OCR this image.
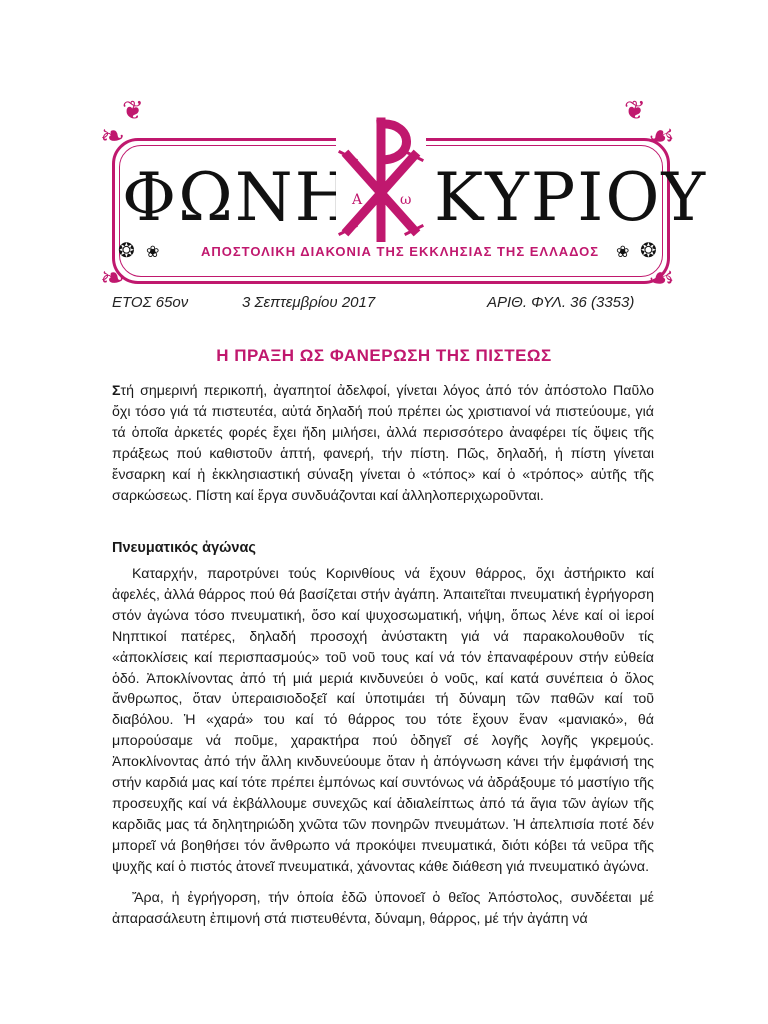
❧	☙
❦	❦
❧	☙
ΦΩΝΗ ΚΥΡΙΟΥ
Α	ω
❂ ❀	ΑΠΟΣΤΟΛΙΚΗ ΔΙΑΚΟΝΙΑ ΤΗΣ ΕΚΚΛΗΣΙΑΣ ΤΗΣ ΕΛΛΑΔΟΣ	❀ ❂
ΕΤΟΣ 65ον	3 Σεπτεμβρίου 2017	ΑΡΙΘ. ΦΥΛ. 36 (3353)
Η ΠΡΑΞΗ ΩΣ ΦΑΝΕΡΩΣΗ ΤΗΣ ΠΙΣΤΕΩΣ
Στή σημερινή περικοπή, ἀγαπητοί ἀδελφοί, γίνεται λόγος ἀπό τόν ἀπόστολο Παῦλο ὄχι τόσο γιά τά πιστευτέα, αὐτά δηλαδή πού πρέπει ὡς χριστιανοί νά πιστεύουμε, γιά τά ὁποῖα ἀρκετές φορές ἔχει ἤδη μιλήσει, ἀλλά περισσότερο ἀναφέρει τίς ὄψεις τῆς πράξεως πού καθιστοῦν ἁπτή, φανερή, τήν πίστη. Πῶς, δηλαδή, ἡ πίστη γίνεται ἔνσαρκη καί ἡ ἐκκλησιαστική σύναξη γίνεται ὁ «τόπος» καί ὁ «τρόπος» αὐτῆς τῆς σαρκώσεως. Πίστη καί ἔργα συνδυάζονται καί ἀλληλοπεριχωροῦνται.
Πνευματικός ἀγώνας
Καταρχήν, παροτρύνει τούς Κορινθίους νά ἔχουν θάρρος, ὄχι ἀστήρικτο καί ἀφελές, ἀλλά θάρρος πού θά βασίζεται στήν ἀγάπη. Ἀπαιτεῖται πνευματική ἐγρήγορση στόν ἀγώνα τόσο πνευματική, ὅσο καί ψυχοσωματική, νήψη, ὅπως λένε καί οἱ ἱεροί Νηπτικοί πατέρες, δηλαδή προσοχή ἀνύστακτη γιά νά παρακολουθοῦν τίς «ἀποκλίσεις καί περισπασμούς» τοῦ νοῦ τους καί νά τόν ἐπαναφέρουν στήν εὐθεία ὁδό. Ἀποκλίνοντας ἀπό τή μιά μεριά κινδυνεύει ὁ νοῦς, καί κατά συνέπεια ὁ ὅλος ἄνθρωπος, ὅταν ὑπεραισιοδοξεῖ καί ὑποτιμάει τή δύναμη τῶν παθῶν καί τοῦ διαβόλου. Ἡ «χαρά» του καί τό θάρρος του τότε ἔχουν ἕναν «μανιακό», θά μπορούσαμε νά ποῦμε, χαρακτήρα πού ὁδηγεῖ σέ λογῆς λογῆς γκρεμούς. Ἀποκλίνοντας ἀπό τήν ἄλλη κινδυνεύουμε ὅταν ἡ ἀπόγνωση κάνει τήν ἐμφάνισή της στήν καρδιά μας καί τότε πρέπει ἐμπόνως καί συντόνως νά ἀδράξουμε τό μαστίγιο τῆς προσευχῆς καί νά ἐκβάλλουμε συνεχῶς καί ἀδιαλείπτως ἀπό τά ἅγια τῶν ἁγίων τῆς καρδιᾶς μας τά δηλητηριώδη χνῶτα τῶν πονηρῶν πνευμάτων. Ἡ ἀπελπισία ποτέ δέν μπορεῖ νά βοηθήσει τόν ἄνθρωπο νά προκόψει πνευματικά, διότι κόβει τά νεῦρα τῆς ψυχῆς καί ὁ πιστός ἀτονεῖ πνευματικά, χάνοντας κάθε διάθεση γιά πνευματικό ἀγώνα.
Ἄρα, ἡ ἐγρήγορση, τήν ὁποία ἐδῶ ὑπονοεῖ ὁ θεῖος Ἀπόστολος, συνδέεται μέ ἀπαρασάλευτη ἐπιμονή στά πιστευθέντα, δύναμη, θάρρος, μέ τήν ἀγάπη νά
